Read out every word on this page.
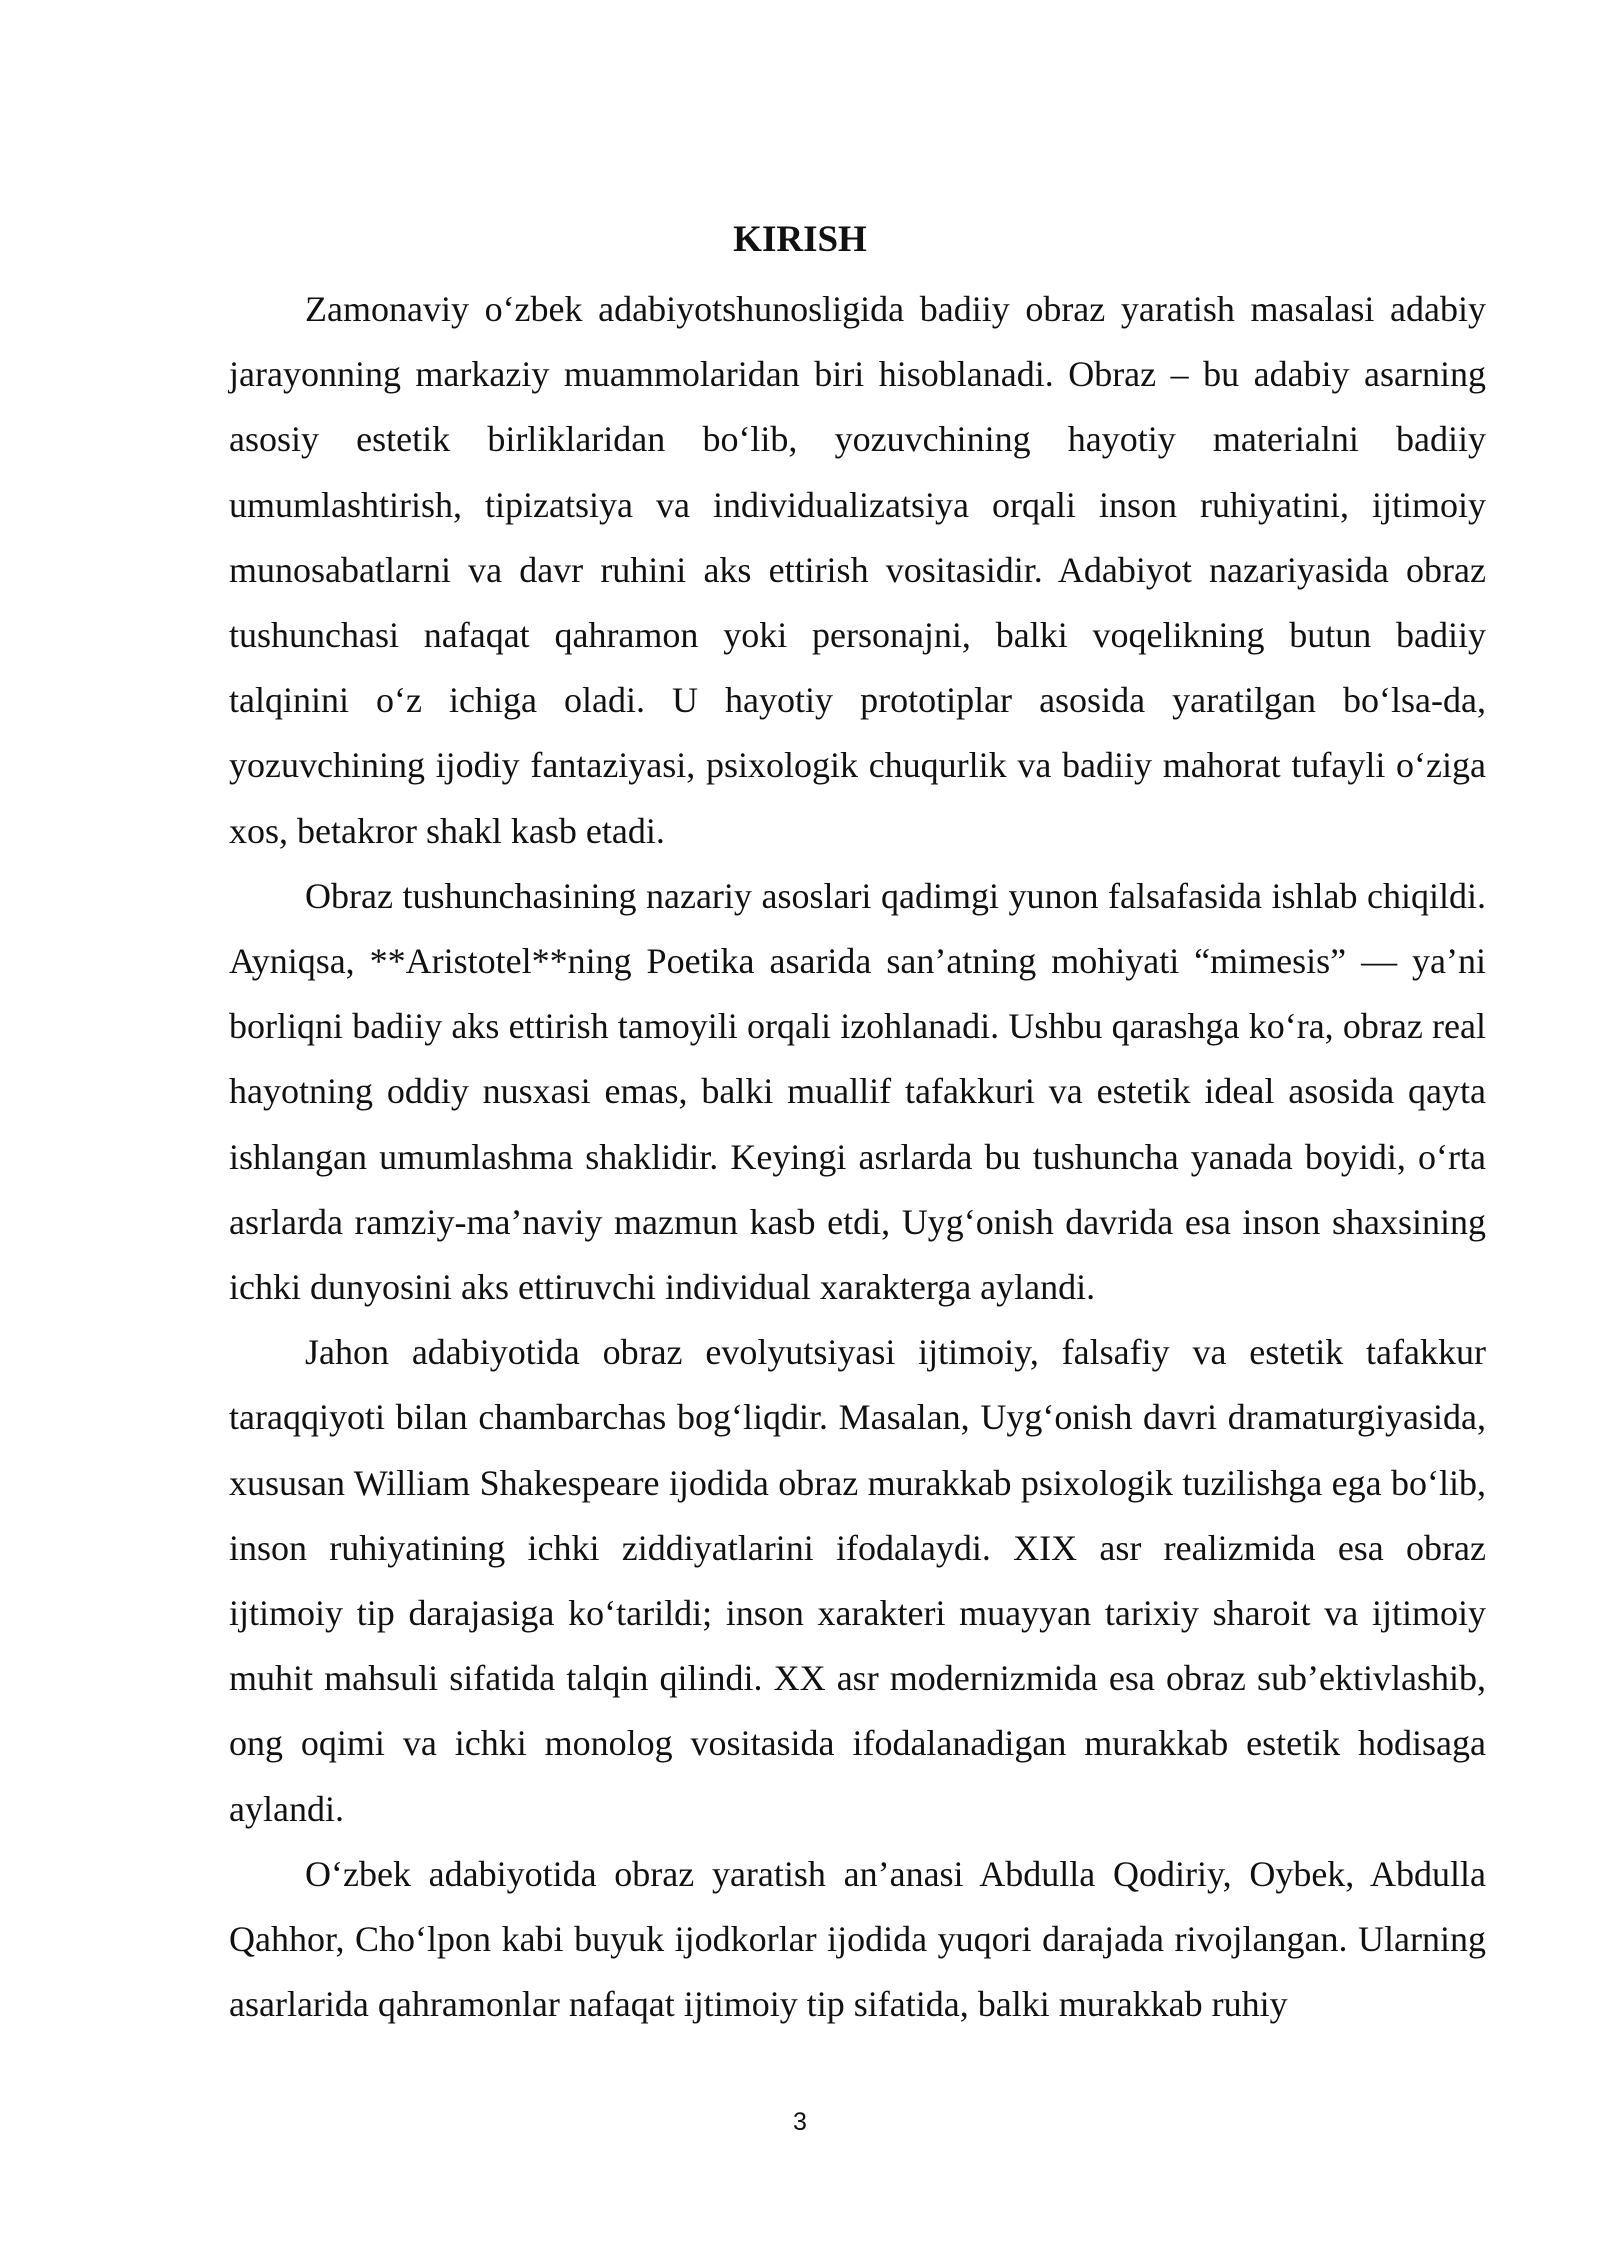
KIRISH

Zamonaviy oʻzbek adabiyotshunosligida badiiy obraz yaratish masalasi adabiy jarayonning markaziy muammolaridan biri hisoblanadi. Obraz – bu adabiy asarning asosiy estetik birliklaridan boʻlib, yozuvchining hayotiy materialni badiiy umumlashtirish, tipizatsiya va individualizatsiya orqali inson ruhiyatini, ijtimoiy munosabatlarni va davr ruhini aks ettirish vositasidir. Adabiyot nazariyasida obraz tushunchasi nafaqat qahramon yoki personajni, balki voqelikning butun badiiy talqinini oʻz ichiga oladi. U hayotiy prototiplar asosida yaratilgan boʻlsa-da, yozuvchining ijodiy fantaziyasi, psixologik chuqurlik va badiiy mahorat tufayli oʻziga xos, betakror shakl kasb etadi.

Obraz tushunchasining nazariy asoslari qadimgi yunon falsafasida ishlab chiqildi. Ayniqsa, **Aristotel**ning Poetika asarida san’atning mohiyati “mimesis” — ya’ni borliqni badiiy aks ettirish tamoyili orqali izohlanadi. Ushbu qarashga koʻra, obraz real hayotning oddiy nusxasi emas, balki muallif tafakkuri va estetik ideal asosida qayta ishlangan umumlashma shaklidir. Keyingi asrlarda bu tushuncha yanada boyidi, oʻrta asrlarda ramziy-ma’naviy mazmun kasb etdi, Uygʻonish davrida esa inson shaxsining ichki dunyosini aks ettiruvchi individual xarakterga aylandi.

Jahon adabiyotida obraz evolyutsiyasi ijtimoiy, falsafiy va estetik tafakkur taraqqiyoti bilan chambarchas bogʻliqdir. Masalan, Uygʻonish davri dramaturgiyasida, xususan William Shakespeare ijodida obraz murakkab psixologik tuzilishga ega boʻlib, inson ruhiyatining ichki ziddiyatlarini ifodalaydi. XIX asr realizmida esa obraz ijtimoiy tip darajasiga koʻtarildi; inson xarakteri muayyan tarixiy sharoit va ijtimoiy muhit mahsuli sifatida talqin qilindi. XX asr modernizmida esa obraz sub’ektivlashib, ong oqimi va ichki monolog vositasida ifodalanadigan murakkab estetik hodisaga aylandi.

Oʻzbek adabiyotida obraz yaratish an’anasi Abdulla Qodiriy, Oybek, Abdulla Qahhor, Choʻlpon kabi buyuk ijodkorlar ijodida yuqori darajada rivojlangan. Ularning asarlarida qahramonlar nafaqat ijtimoiy tip sifatida, balki murakkab ruhiy

3
